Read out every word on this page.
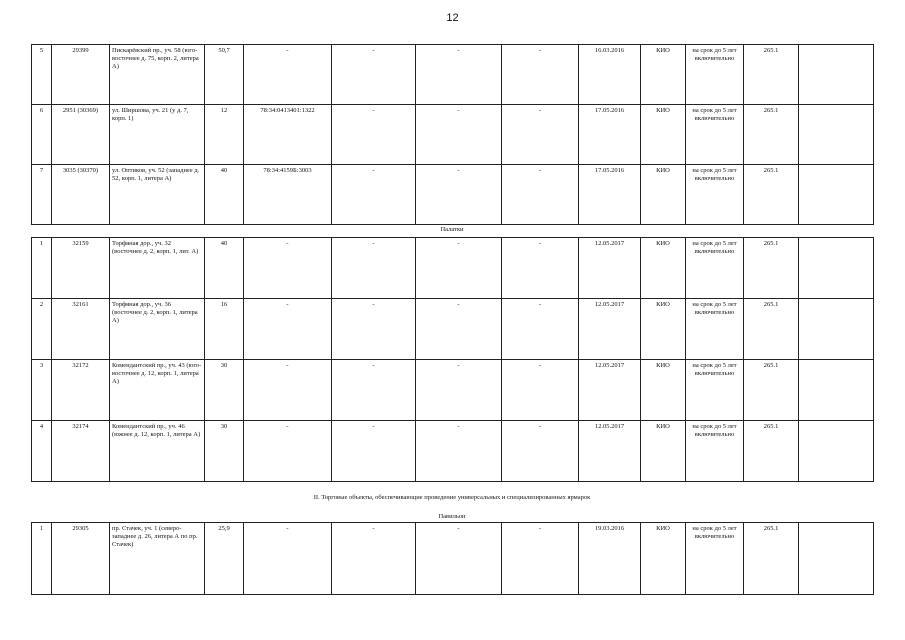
12
5	29399	Пискарёвский пр., уч. 58 (юго-восточнее д. 75, корп. 2, литера А)	50,7	-	-	-	-	16.03.2016	КИО	на срок до 5 лет включительно	265.1	
6	2951 (30369)	ул. Ширшова, уч. 21 (у д. 7, корп. 1)	12	78:34:0413401:1322	-	-	-	17.05.2016	КИО	на срок до 5 лет включительно	265.1	
7	3035 (30370)	ул. Оптиков, уч. 52 (западнее д. 52, корп. 1, литера А)	40	78:34:4159Б:3003	-	-	-	17.05.2016	КИО	на срок до 5 лет включительно	265.1	
Палатки
1	32159	Торфяная дор., уч. 32 (восточнее д. 2, корп. 1, лит. А)	40	-	-	-	-	12.05.2017	КИО	на срок до 5 лет включительно	265.1	
2	32161	Торфяная дор., уч. 36 (восточнее д. 2, корп. 1, литера А)	16	-	-	-	-	12.05.2017	КИО	на срок до 5 лет включительно	265.1	
3	32172	Комендантский пр., уч. 43 (юго-восточнее д. 12, корп. 1, литера А)	30	-	-	-	-	12.05.2017	КИО	на срок до 5 лет включительно	265.1	
4	32174	Комендантский пр., уч. 46 (южнее д. 12, корп. 1, литера А)	30	-	-	-	-	12.05.2017	КИО	на срок до 5 лет включительно	265.1	
II. Торговые объекты, обеспечивающие проведение универсальных и специализированных ярмарок
Павильон
1	29305	пр. Стачек, уч. 1 (северо-западнее д. 26, литера А по пр. Стачек)	25,9	-	-	-	-	19.03.2016	КИО	на срок до 5 лет включительно	265.1	
